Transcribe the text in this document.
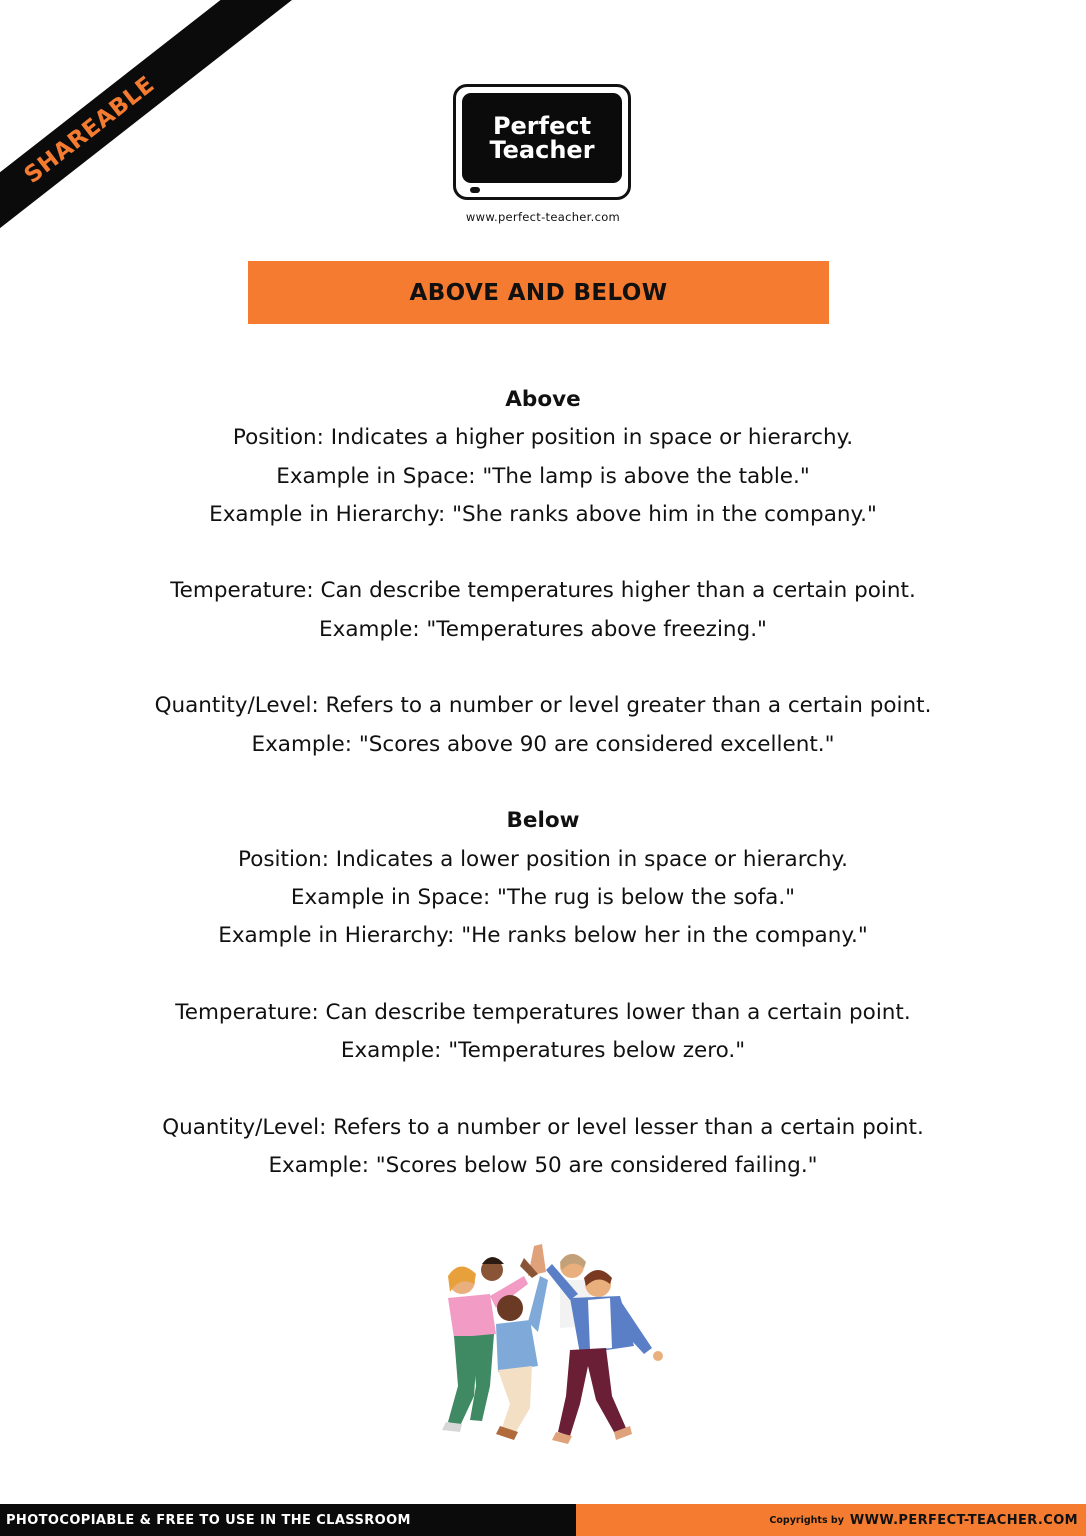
SHAREABLE	Perfect
Teacher
www.perfect-teacher.com
ABOVE AND BELOW

Above

Position: Indicates a higher position in space or hierarchy.

Example in Space: "The lamp is above the table."

Example in Hierarchy: "She ranks above him in the company."

Temperature: Can describe temperatures higher than a certain point.

Example: "Temperatures above freezing."

Quantity/Level: Refers to a number or level greater than a certain point.

Example: "Scores above 90 are considered excellent."

Below

Position: Indicates a lower position in space or hierarchy.

Example in Space: "The rug is below the sofa."

Example in Hierarchy: "He ranks below her in the company."

Temperature: Can describe temperatures lower than a certain point.

Example: "Temperatures below zero."

Quantity/Level: Refers to a number or level lesser than a certain point.

Example: "Scores below 50 are considered failing."

PHOTOCOPIABLE & FREE TO USE IN THE CLASSROOM	Copyrights by WWW.PERFECT-TEACHER.COM
